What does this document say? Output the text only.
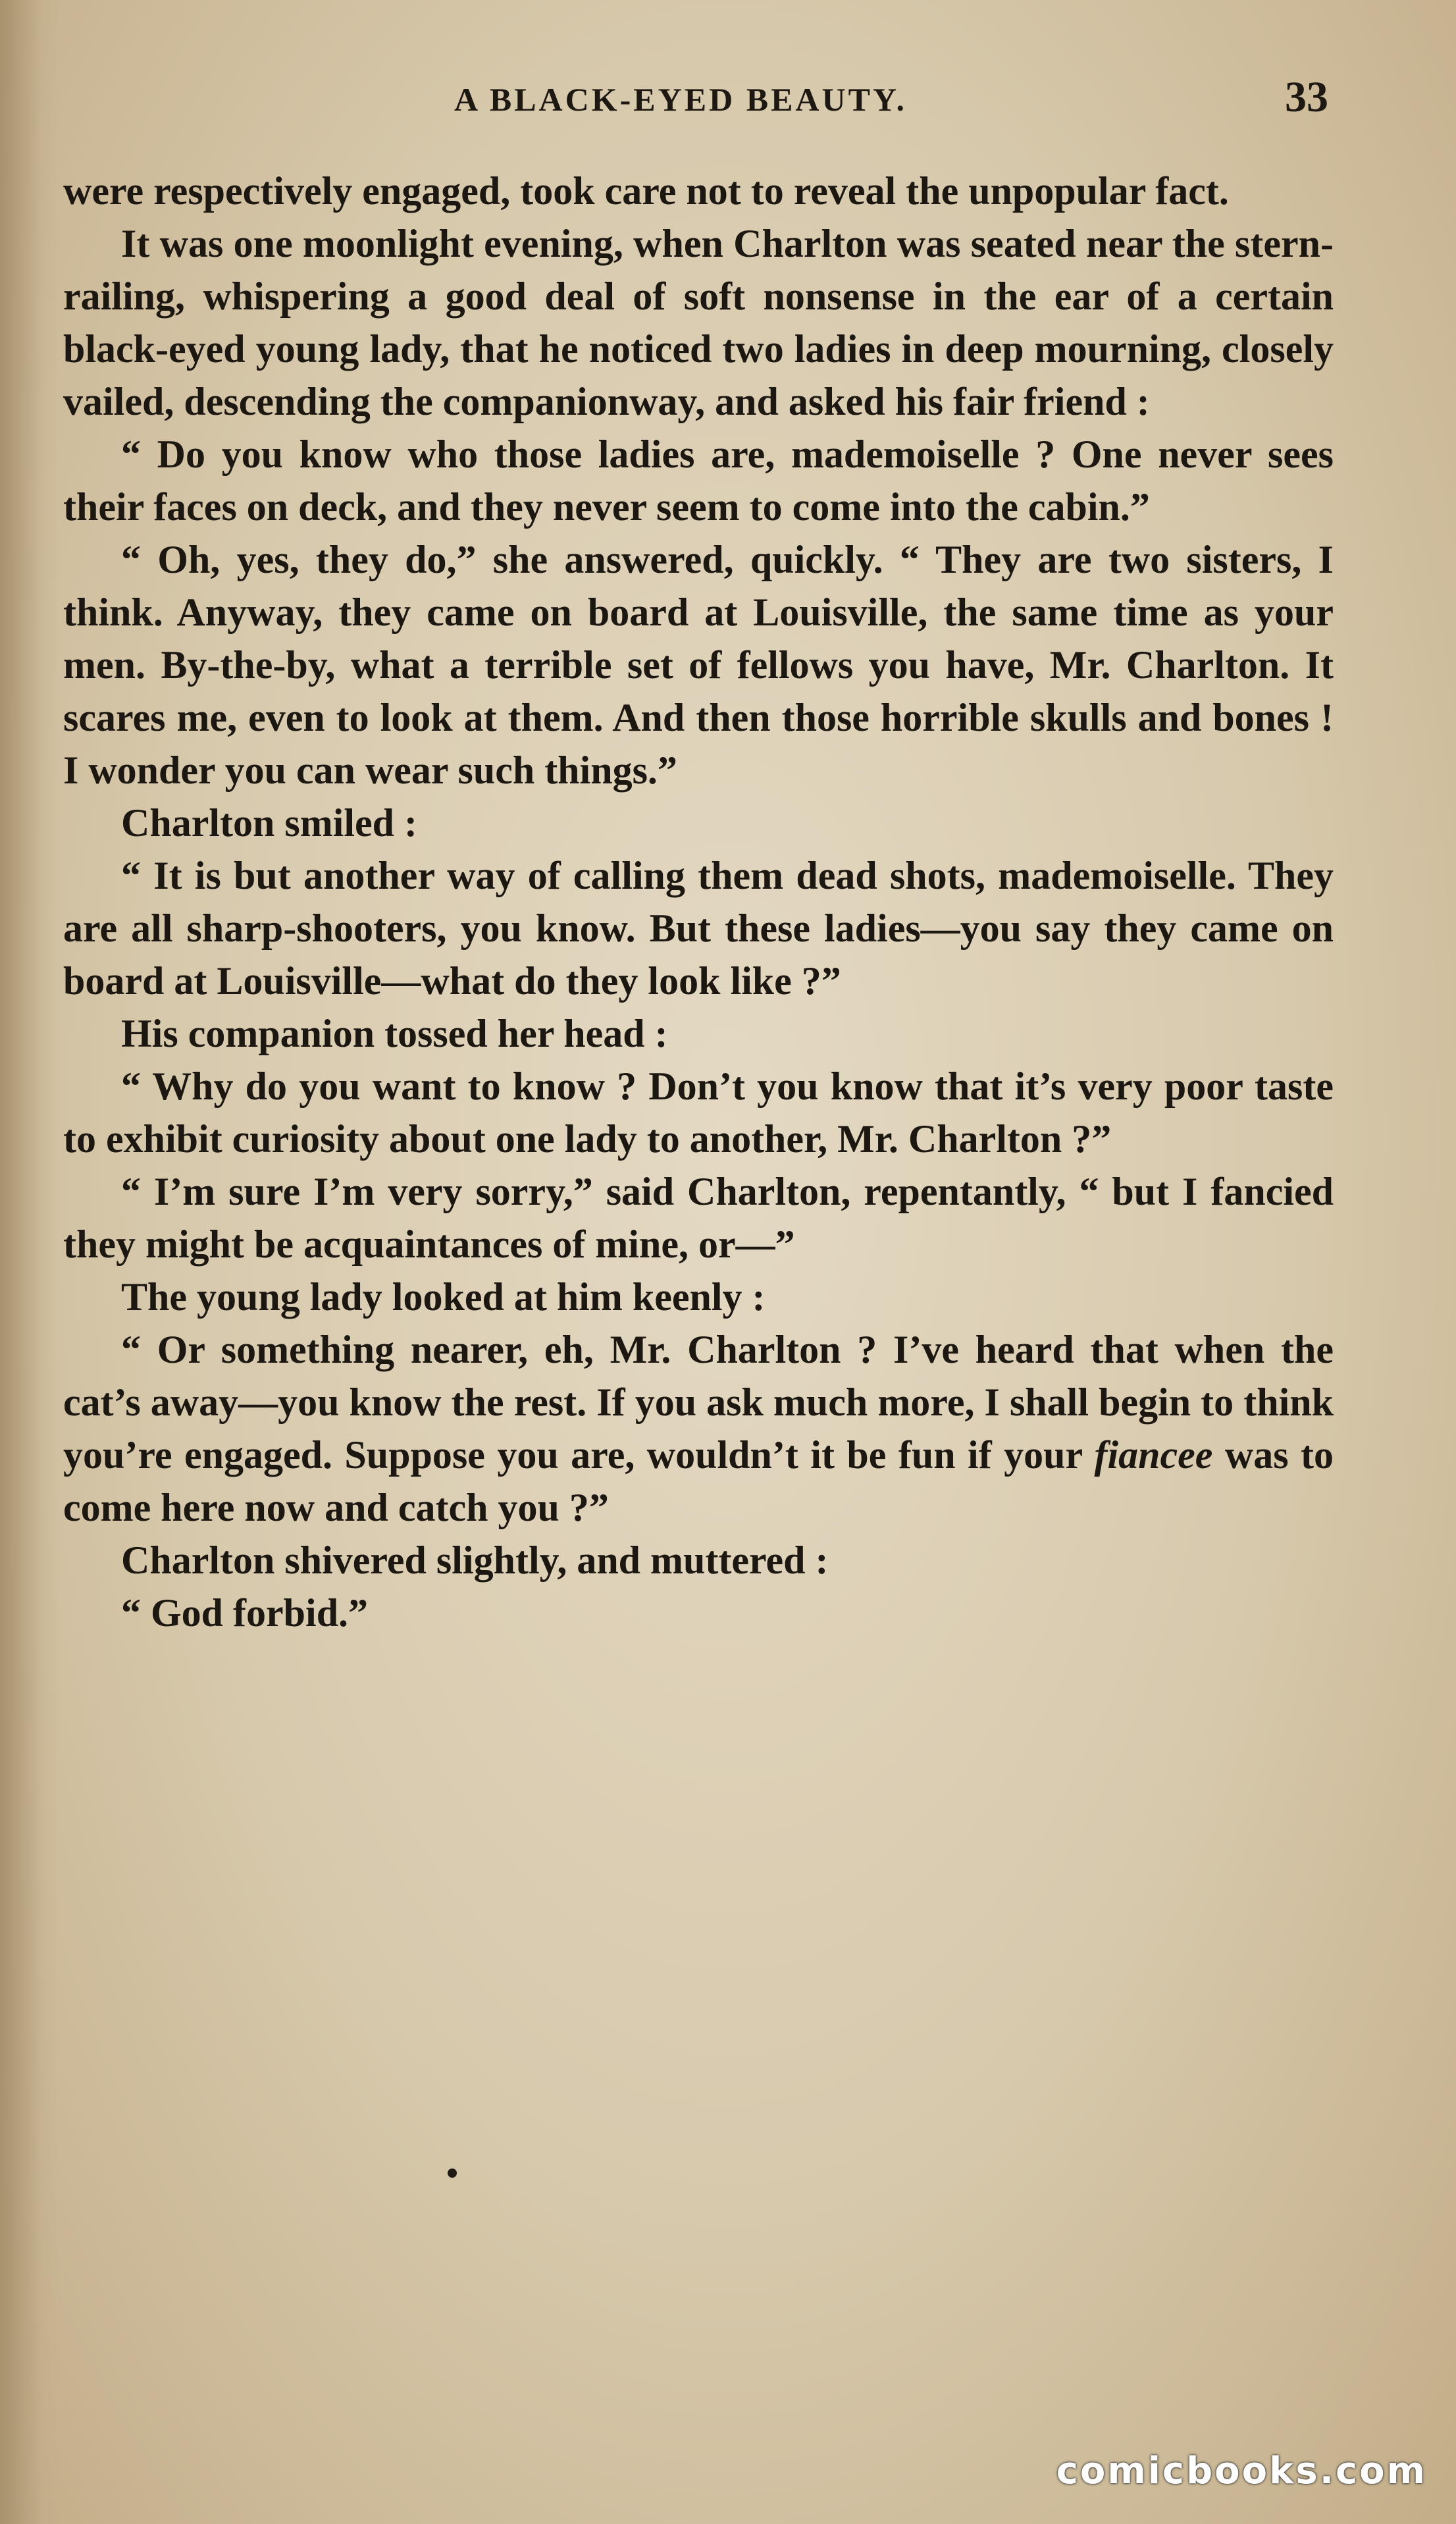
A BLACK-EYED BEAUTY.	33

were respectively engaged, took care not to reveal the unpopular fact.

It was one moonlight evening, when Charlton was seated near the stern-railing, whispering a good deal of soft nonsense in the ear of a certain black-eyed young lady, that he noticed two ladies in deep mourning, closely vailed, descending the companionway, and asked his fair friend :

“ Do you know who those ladies are, mademoiselle ? One never sees their faces on deck, and they never seem to come into the cabin.”

“ Oh, yes, they do,” she answered, quickly. “ They are two sisters, I think. Anyway, they came on board at Louisville, the same time as your men. By-the-by, what a terrible set of fellows you have, Mr. Charlton. It scares me, even to look at them. And then those horrible skulls and bones ! I wonder you can wear such things.”

Charlton smiled :

“ It is but another way of calling them dead shots, mademoiselle. They are all sharp-shooters, you know. But these ladies—you say they came on board at Louisville—what do they look like ?”

His companion tossed her head :

“ Why do you want to know ? Don’t you know that it’s very poor taste to exhibit curiosity about one lady to another, Mr. Charlton ?”

“ I’m sure I’m very sorry,” said Charlton, repentantly, “ but I fancied they might be acquaintances of mine, or—”

The young lady looked at him keenly :

“ Or something nearer, eh, Mr. Charlton ? I’ve heard that when the cat’s away—you know the rest. If you ask much more, I shall begin to think you’re engaged. Suppose you are, wouldn’t it be fun if your fiancee was to come here now and catch you ?”

Charlton shivered slightly, and muttered :

“ God forbid.”

comicbooks.com
